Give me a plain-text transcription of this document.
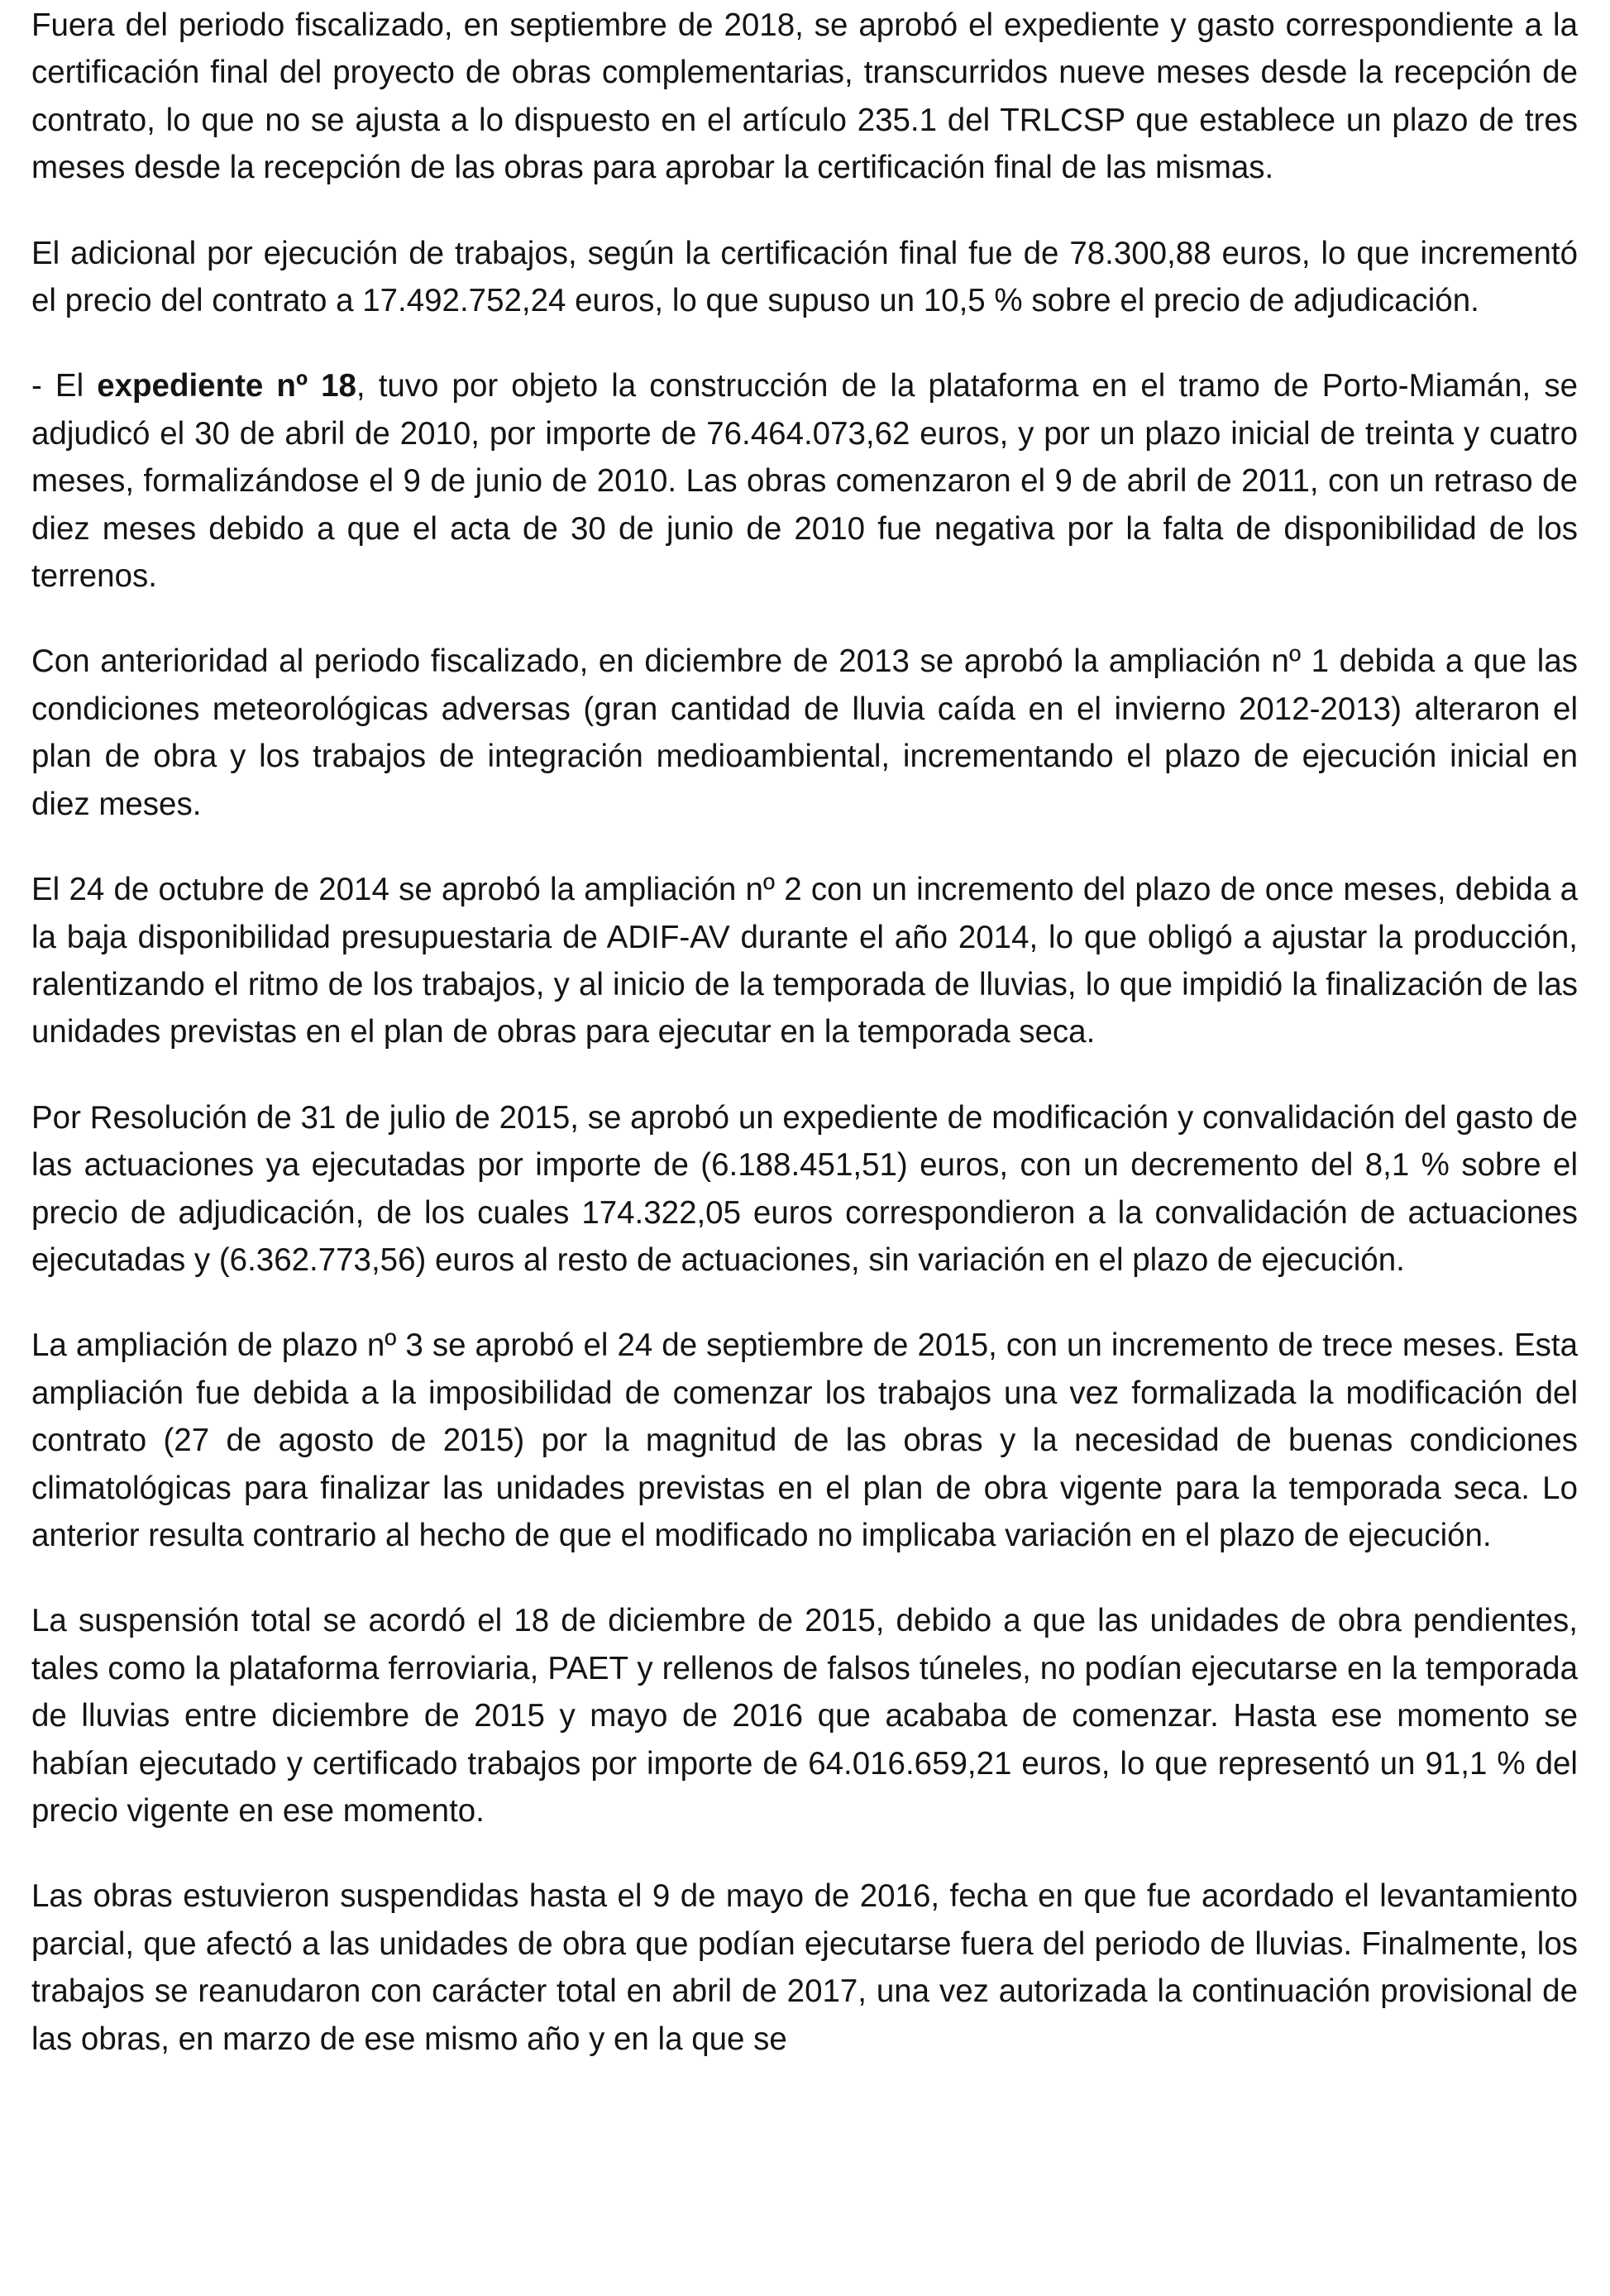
Fuera del periodo fiscalizado, en septiembre de 2018, se aprobó el expediente y gasto correspondiente a la certificación final del proyecto de obras complementarias, transcurridos nueve meses desde la recepción de contrato, lo que no se ajusta a lo dispuesto en el artículo 235.1 del TRLCSP que establece un plazo de tres meses desde la recepción de las obras para aprobar la certificación final de las mismas.

El adicional por ejecución de trabajos, según la certificación final fue de 78.300,88 euros, lo que incrementó el precio del contrato a 17.492.752,24 euros, lo que supuso un 10,5 % sobre el precio de adjudicación.

- El expediente nº 18, tuvo por objeto la construcción de la plataforma en el tramo de Porto-Miamán, se adjudicó el 30 de abril de 2010, por importe de 76.464.073,62 euros, y por un plazo inicial de treinta y cuatro meses, formalizándose el 9 de junio de 2010. Las obras comenzaron el 9 de abril de 2011, con un retraso de diez meses debido a que el acta de 30 de junio de 2010 fue negativa por la falta de disponibilidad de los terrenos.

Con anterioridad al periodo fiscalizado, en diciembre de 2013 se aprobó la ampliación nº 1 debida a que las condiciones meteorológicas adversas (gran cantidad de lluvia caída en el invierno 2012-2013) alteraron el plan de obra y los trabajos de integración medioambiental, incrementando el plazo de ejecución inicial en diez meses.

El 24 de octubre de 2014 se aprobó la ampliación nº 2 con un incremento del plazo de once meses, debida a la baja disponibilidad presupuestaria de ADIF-AV durante el año 2014, lo que obligó a ajustar la producción, ralentizando el ritmo de los trabajos, y al inicio de la temporada de lluvias, lo que impidió la finalización de las unidades previstas en el plan de obras para ejecutar en la temporada seca.

Por Resolución de 31 de julio de 2015, se aprobó un expediente de modificación y convalidación del gasto de las actuaciones ya ejecutadas por importe de (6.188.451,51) euros, con un decremento del 8,1 % sobre el precio de adjudicación, de los cuales 174.322,05 euros correspondieron a la convalidación de actuaciones ejecutadas y (6.362.773,56) euros al resto de actuaciones, sin variación en el plazo de ejecución.

La ampliación de plazo nº 3 se aprobó el 24 de septiembre de 2015, con un incremento de trece meses. Esta ampliación fue debida a la imposibilidad de comenzar los trabajos una vez formalizada la modificación del contrato (27 de agosto de 2015) por la magnitud de las obras y la necesidad de buenas condiciones climatológicas para finalizar las unidades previstas en el plan de obra vigente para la temporada seca. Lo anterior resulta contrario al hecho de que el modificado no implicaba variación en el plazo de ejecución.

La suspensión total se acordó el 18 de diciembre de 2015, debido a que las unidades de obra pendientes, tales como la plataforma ferroviaria, PAET y rellenos de falsos túneles, no podían ejecutarse en la temporada de lluvias entre diciembre de 2015 y mayo de 2016 que acababa de comenzar. Hasta ese momento se habían ejecutado y certificado trabajos por importe de 64.016.659,21 euros, lo que representó un 91,1 % del precio vigente en ese momento.

Las obras estuvieron suspendidas hasta el 9 de mayo de 2016, fecha en que fue acordado el levantamiento parcial, que afectó a las unidades de obra que podían ejecutarse fuera del periodo de lluvias. Finalmente, los trabajos se reanudaron con carácter total en abril de 2017, una vez autorizada la continuación provisional de las obras, en marzo de ese mismo año y en la que se
